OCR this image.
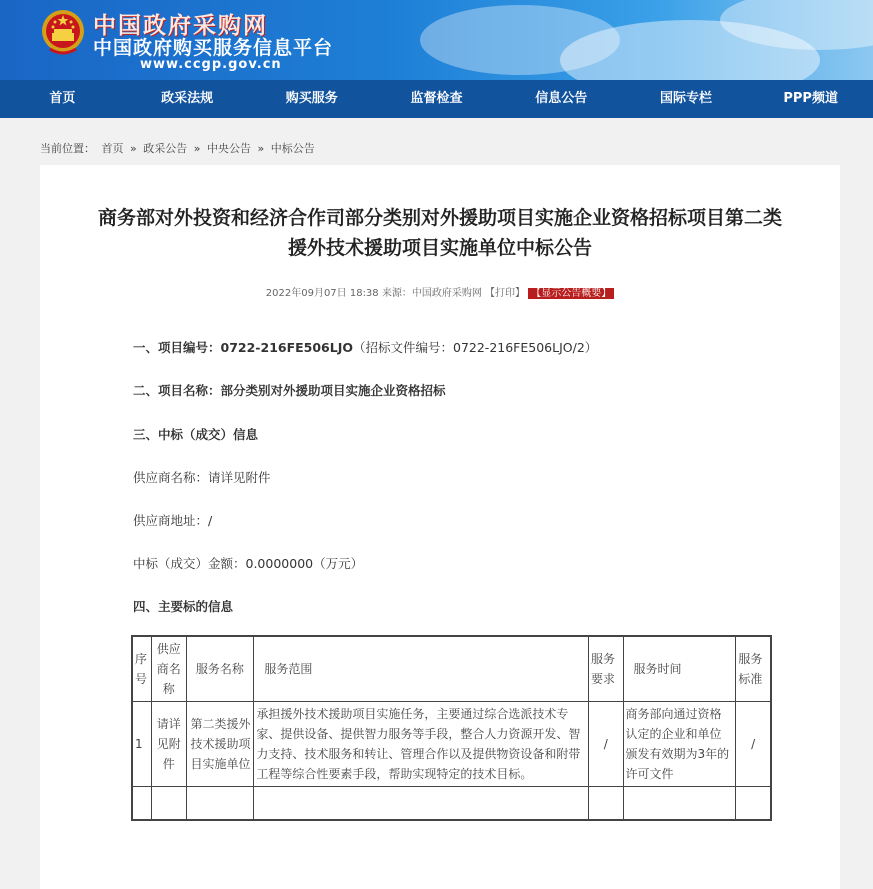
中国政府采购网
中国政府购买服务信息平台
www.ccgp.gov.cn
首页	政采法规	购买服务	监督检查	信息公告	国际专栏	PPP频道
当前位置： 首页 » 政采公告 » 中央公告 » 中标公告
商务部对外投资和经济合作司部分类别对外援助项目实施企业资格招标项目第二类
援外技术援助项目实施单位中标公告
2022年09月07日 18:38 来源：中国政府采购网 【打印】 【显示公告概要】
一、项目编号：0722-216FE506LJO（招标文件编号：0722-216FE506LJO/2）
二、项目名称：部分类别对外援助项目实施企业资格招标
三、中标（成交）信息
供应商名称：请详见附件
供应商地址：/
中标（成交）金额：0.0000000（万元）
四、主要标的信息
序号	供应商名称	服务名称	服务范围	服务要求	服务时间	服务标准
1	请详见附件	第二类援外技术援助项目实施单位	承担援外技术援助项目实施任务，主要通过综合选派技术专家、提供设备、提供智力服务等手段，整合人力资源开发、智力支持、技术服务和转让、管理合作以及提供物资设备和附带工程等综合性要素手段，帮助实现特定的技术目标。	/	商务部向通过资格认定的企业和单位颁发有效期为3年的许可文件	/
